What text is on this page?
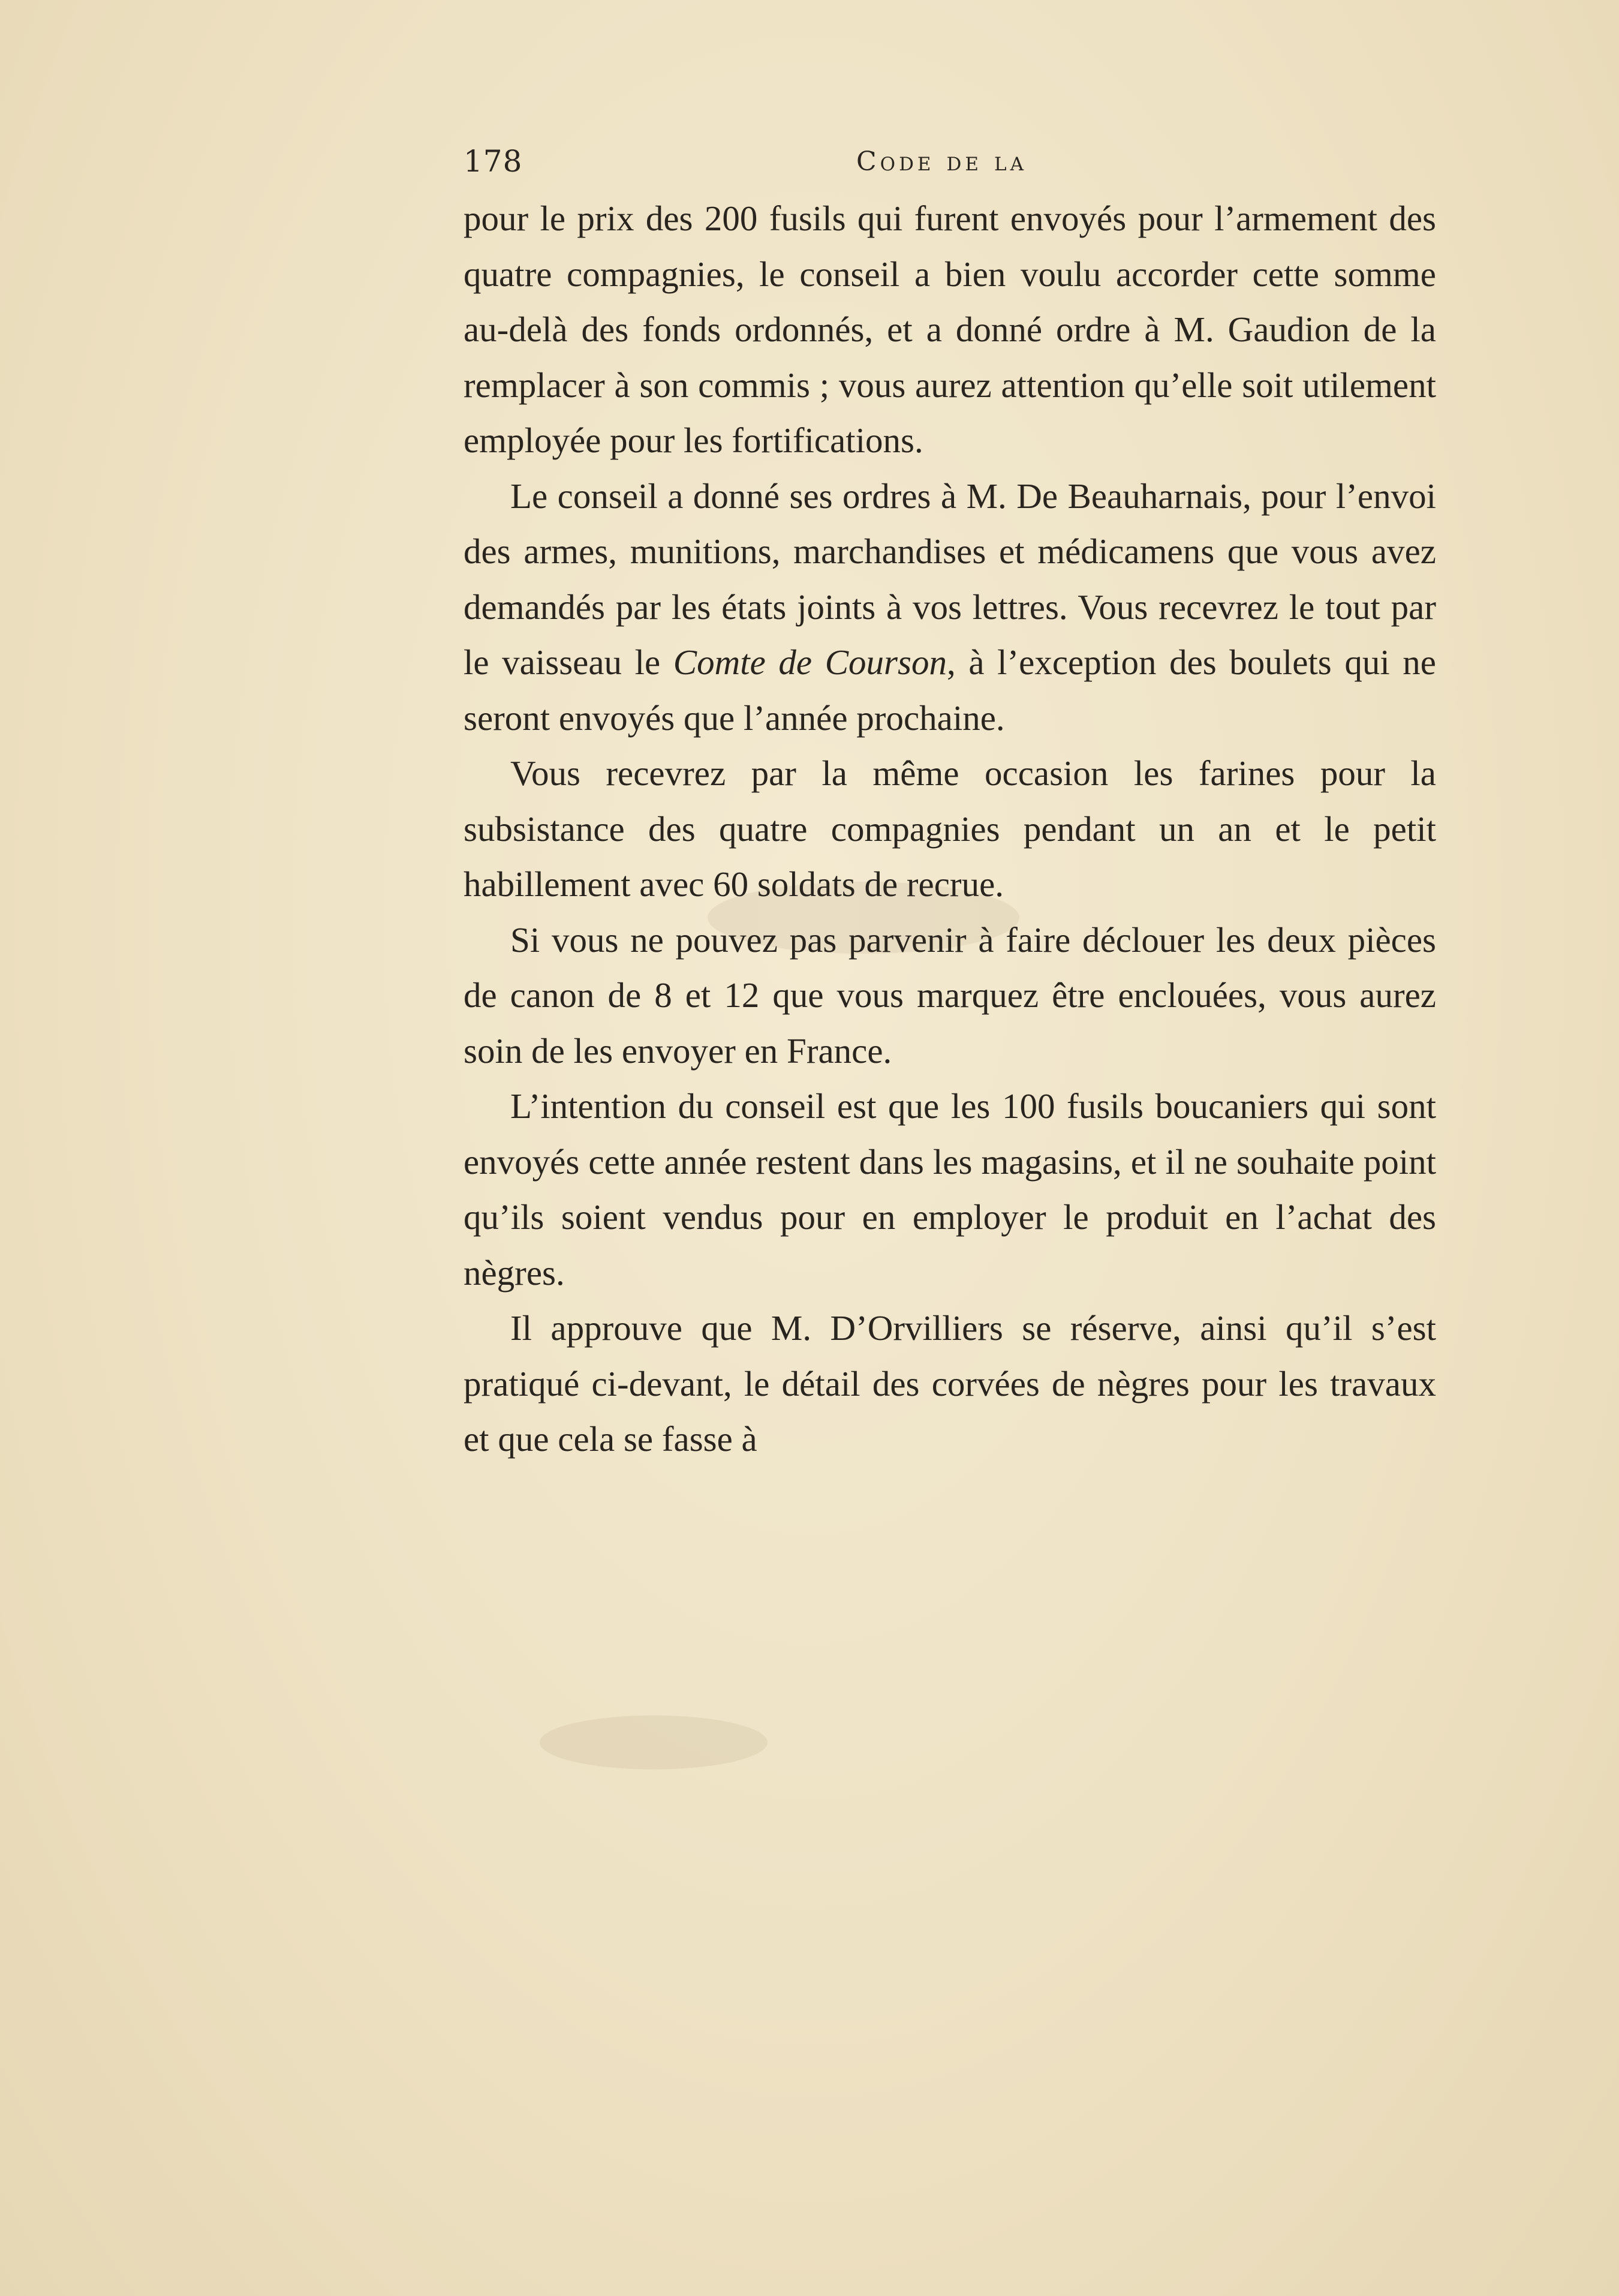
178	Code de la

pour le prix des 200 fusils qui furent envoyés pour l’armement des quatre compagnies, le conseil a bien voulu accorder cette somme au-delà des fonds ordonnés, et a donné ordre à M. Gaudion de la remplacer à son commis ; vous aurez attention qu’elle soit utilement employée pour les fortifications.

Le conseil a donné ses ordres à M. De Beauharnais, pour l’envoi des armes, munitions, marchandises et médicamens que vous avez demandés par les états joints à vos lettres. Vous recevrez le tout par le vaisseau le Comte de Courson, à l’exception des boulets qui ne seront envoyés que l’année prochaine.

Vous recevrez par la même occasion les farines pour la subsistance des quatre compagnies pendant un an et le petit habillement avec 60 soldats de recrue.

Si vous ne pouvez pas parvenir à faire déclouer les deux pièces de canon de 8 et 12 que vous marquez être enclouées, vous aurez soin de les envoyer en France.

L’intention du conseil est que les 100 fusils boucaniers qui sont envoyés cette année restent dans les magasins, et il ne souhaite point qu’ils soient vendus pour en employer le produit en l’achat des nègres.

Il approuve que M. D’Orvilliers se réserve, ainsi qu’il s’est pratiqué ci-devant, le détail des corvées de nègres pour les travaux et que cela se fasse à
